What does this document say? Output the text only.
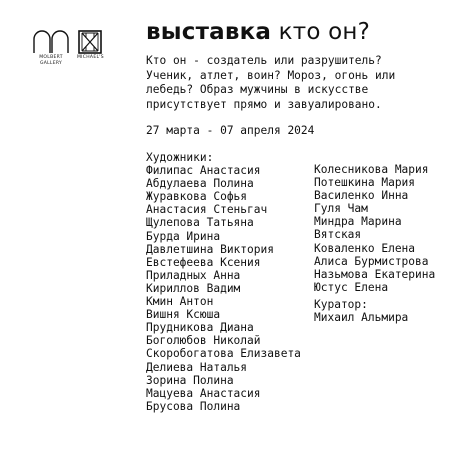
MOLBERT
GALLERY
MICHAEL'S
выставка кто он?
Кто он - создатель или разрушитель?
Ученик, атлет, воин? Мороз, огонь или
лебедь? Образ мужчины в искусстве
присутствует прямо и завуалировано.
27 марта - 07 апреля 2024
Художники:
Филипас Анастасия
Абдулаева Полина
Журавкова Софья
Анастасия Стеньгач
Щулепова Татьяна
Бурда Ирина
Давлетшина Виктория
Евстефеева Ксения
Приладных Анна
Кириллов Вадим
Кмин Антон
Вишня Ксюша
Прудникова Диана
Боголюбов Николай
Скоробогатова Елизавета
Делиева Наталья
Зорина Полина
Мацуева Анастасия
Брусова Полина
Колесникова Мария
Потешкина Мария
Василенко Инна
Гуля Чам
Миндра Марина
Вятская
Коваленко Елена
Алиса Бурмистрова
Назьмова Екатерина
Юстус Елена
Куратор:
Михаил Альмира
